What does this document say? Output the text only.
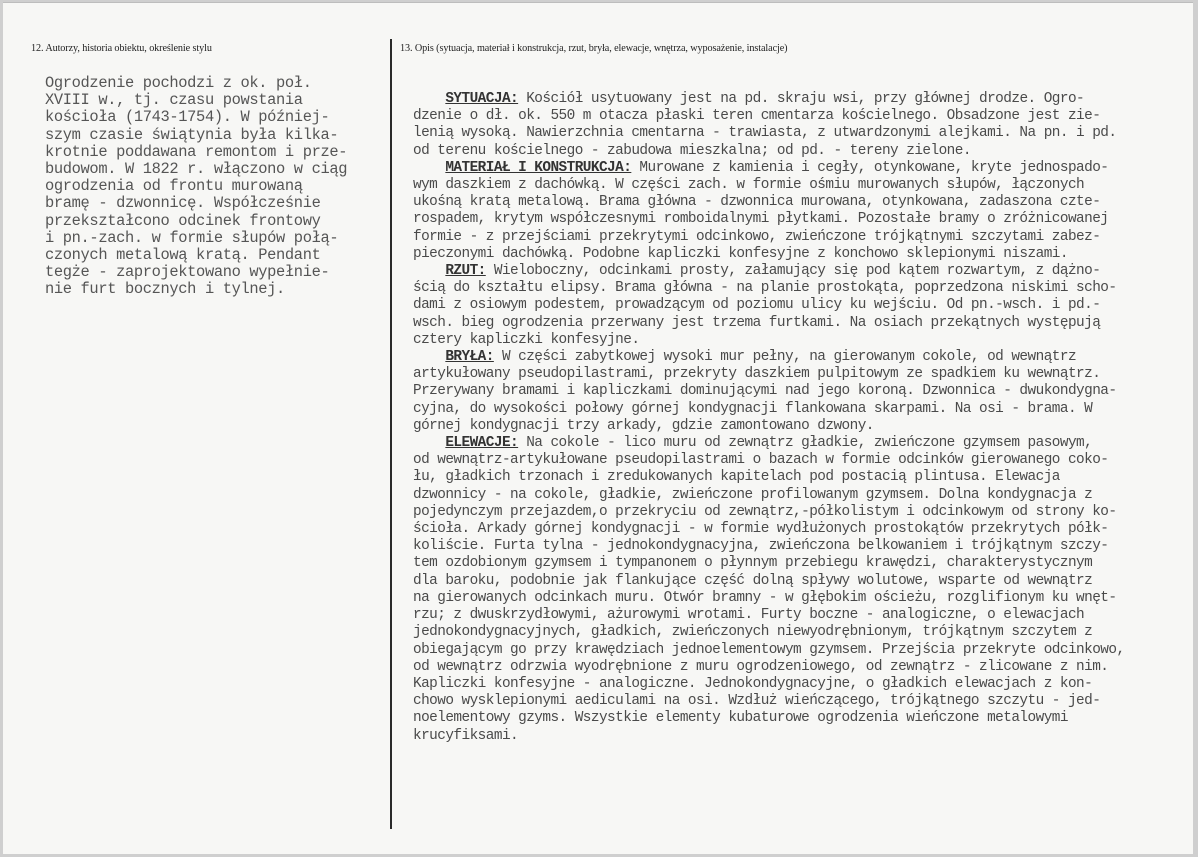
12. Autorzy, historia obiektu, określenie stylu	13. Opis (sytuacja, materiał i konstrukcja, rzut, bryła, elewacje, wnętrza, wyposażenie, instalacje)
Ogrodzenie pochodzi z ok. poł.
XVIII w., tj. czasu powstania
kościoła (1743-1754). W później-
szym czasie świątynia była kilka-
krotnie poddawana remontom i prze-
budowom. W 1822 r. włączono w ciąg
ogrodzenia od frontu murowaną
bramę - dzwonnicę. Współcześnie
przekształcono odcinek frontowy
i pn.-zach. w formie słupów połą-
czonych metalową kratą. Pendant
tegże - zaprojektowano wypełnie-
nie furt bocznych i tylnej.
SYTUACJA: Kościół usytuowany jest na pd. skraju wsi, przy głównej drodze. Ogro-
dzenie o dł. ok. 550 m otacza płaski teren cmentarza kościelnego. Obsadzone jest zie-
lenią wysoką. Nawierzchnia cmentarna - trawiasta, z utwardzonymi alejkami. Na pn. i pd.
od terenu kościelnego - zabudowa mieszkalna; od pd. - tereny zielone.
MATERIAŁ I KONSTRUKCJA: Murowane z kamienia i cegły, otynkowane, kryte jednospado-
wym daszkiem z dachówką. W części zach. w formie ośmiu murowanych słupów, łączonych
ukośną kratą metalową. Brama główna - dzwonnica murowana, otynkowana, zadaszona czte-
rospadem, krytym współczesnymi romboidalnymi płytkami. Pozostałe bramy o zróżnicowanej
formie - z przejściami przekrytymi odcinkowo, zwieńczone trójkątnymi szczytami zabez-
pieczonymi dachówką. Podobne kapliczki konfesyjne z konchowo sklepionymi niszami.
RZUT: Wieloboczny, odcinkami prosty, załamujący się pod kątem rozwartym, z dążno-
ścią do kształtu elipsy. Brama główna - na planie prostokąta, poprzedzona niskimi scho-
dami z osiowym podestem, prowadzącym od poziomu ulicy ku wejściu. Od pn.-wsch. i pd.-
wsch. bieg ogrodzenia przerwany jest trzema furtkami. Na osiach przekątnych występują
cztery kapliczki konfesyjne.
BRYŁA: W części zabytkowej wysoki mur pełny, na gierowanym cokole, od wewnątrz
artykułowany pseudopilastrami, przekryty daszkiem pulpitowym ze spadkiem ku wewnątrz.
Przerywany bramami i kapliczkami dominującymi nad jego koroną. Dzwonnica - dwukondygna-
cyjna, do wysokości połowy górnej kondygnacji flankowana skarpami. Na osi - brama. W
górnej kondygnacji trzy arkady, gdzie zamontowano dzwony.
ELEWACJE: Na cokole - lico muru od zewnątrz gładkie, zwieńczone gzymsem pasowym,
od wewnątrz-artykułowane pseudopilastrami o bazach w formie odcinków gierowanego coko-
łu, gładkich trzonach i zredukowanych kapitelach pod postacią plintusa. Elewacja
dzwonnicy - na cokole, gładkie, zwieńczone profilowanym gzymsem. Dolna kondygnacja z
pojedynczym przejazdem,o przekryciu od zewnątrz,-półkolistym i odcinkowym od strony ko-
ścioła. Arkady górnej kondygnacji - w formie wydłużonych prostokątów przekrytych półk-
koliście. Furta tylna - jednokondygnacyjna, zwieńczona belkowaniem i trójkątnym szczy-
tem ozdobionym gzymsem i tympanonem o płynnym przebiegu krawędzi, charakterystycznym
dla baroku, podobnie jak flankujące część dolną spływy wolutowe, wsparte od wewnątrz
na gierowanych odcinkach muru. Otwór bramny - w głębokim ościeżu, rozglifionym ku wnęt-
rzu; z dwuskrzydłowymi, ażurowymi wrotami. Furty boczne - analogiczne, o elewacjach
jednokondygnacyjnych, gładkich, zwieńczonych niewyodrębnionym, trójkątnym szczytem z
obiegającym go przy krawędziach jednoelementowym gzymsem. Przejścia przekryte odcinkowo,
od wewnątrz odrzwia wyodrębnione z muru ogrodzeniowego, od zewnątrz - zlicowane z nim.
Kapliczki konfesyjne - analogiczne. Jednokondygnacyjne, o gładkich elewacjach z kon-
chowo wysklepionymi aediculami na osi. Wzdłuż wieńczącego, trójkątnego szczytu - jed-
noelementowy gzyms. Wszystkie elementy kubaturowe ogrodzenia wieńczone metalowymi
krucyfiksami.
